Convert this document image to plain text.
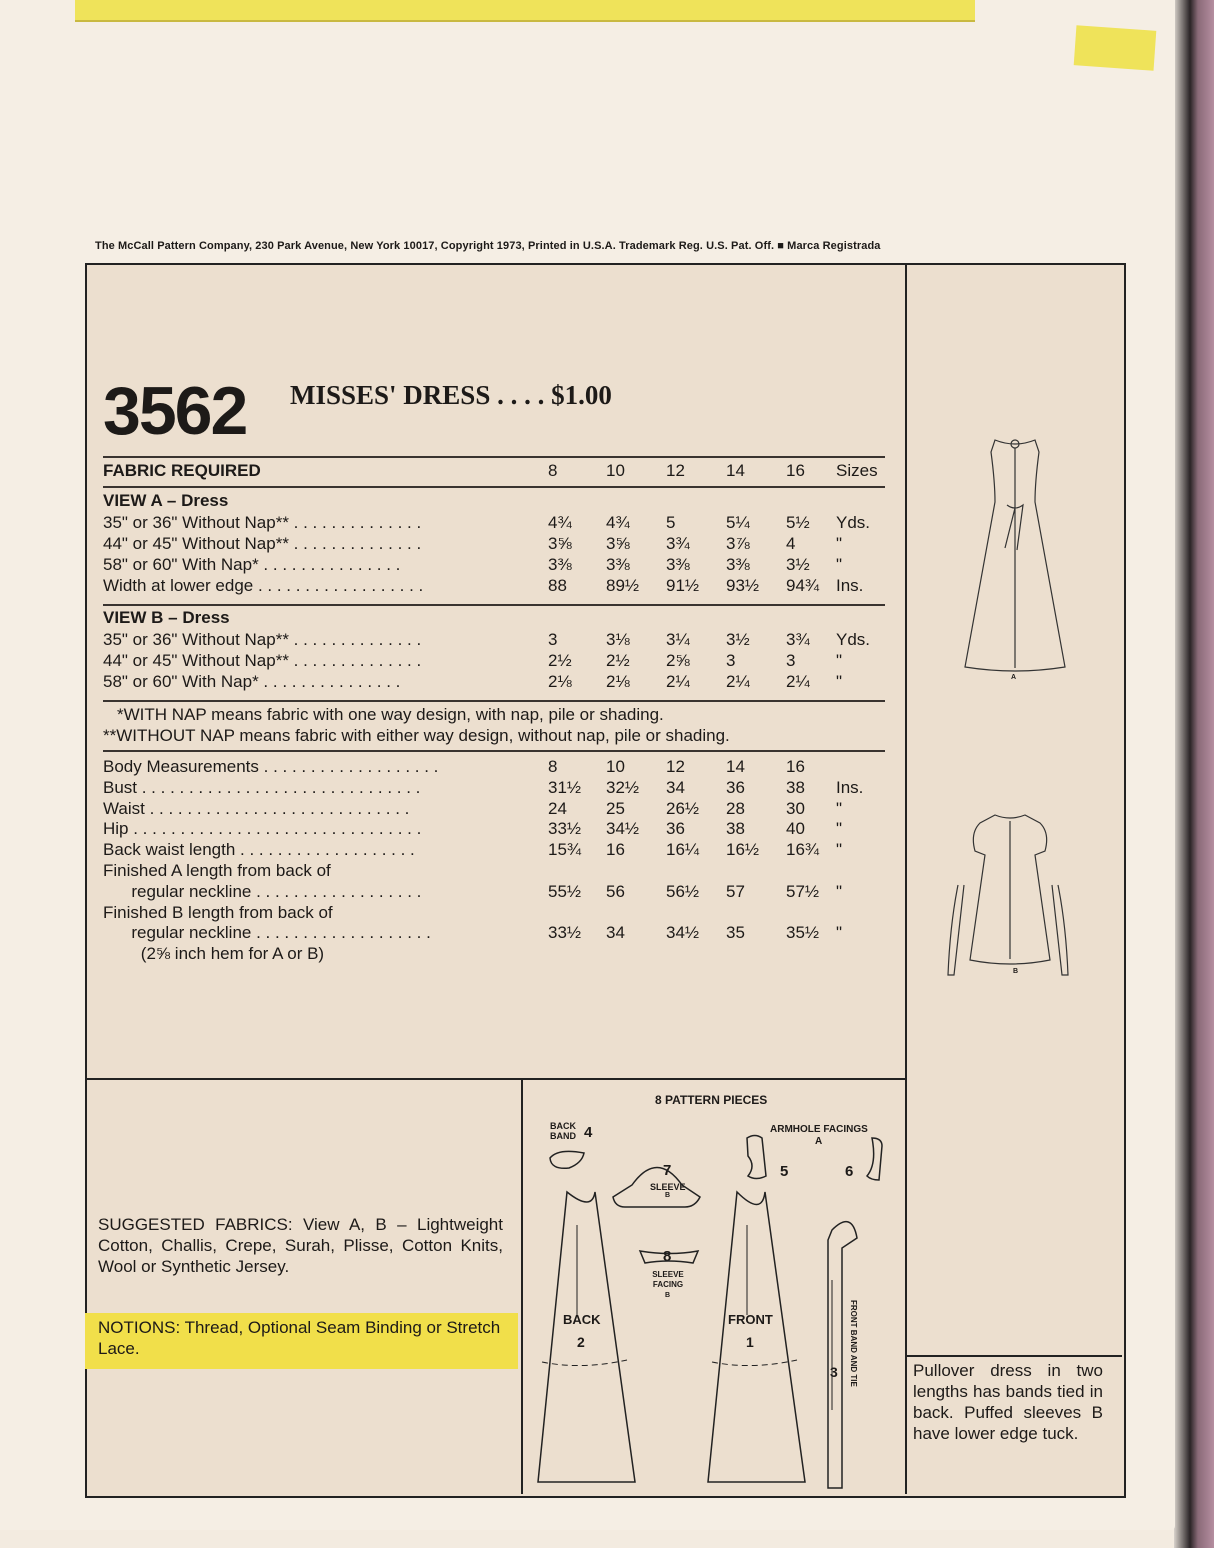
The McCall Pattern Company, 230 Park Avenue, New York 10017, Copyright 1973, Printed in U.S.A. Trademark Reg. U.S. Pat. Off. ■ Marca Registrada
3562 MISSES' DRESS . . . . $1.00
FABRIC REQUIRED	8	10	12	14	16	Sizes
VIEW A – Dress
35" or 36" Without Nap** . . . . . . . . . . . . . .	4¾	4¾	5	5¼	5½	Yds.
44" or 45" Without Nap** . . . . . . . . . . . . . .	3⅝	3⅝	3¾	3⅞	4	"
58" or 60" With Nap* . . . . . . . . . . . . . . .	3⅜	3⅜	3⅜	3⅜	3½	"
Width at lower edge . . . . . . . . . . . . . . . . . .	88	89½	91½	93½	94¾ Ins.
VIEW B – Dress
35" or 36" Without Nap** . . . . . . . . . . . . . .	3	3⅛	3¼	3½	3¾	Yds.
44" or 45" Without Nap** . . . . . . . . . . . . . .	2½	2½	2⅝	3	3	"
58" or 60" With Nap* . . . . . . . . . . . . . . .	2⅛	2⅛	2¼	2¼	2¼	"
*WITH NAP means fabric with one way design, with nap, pile or shading.
**WITHOUT NAP means fabric with either way design, without nap, pile or shading.
Body Measurements . . . . . . . . . . . . . . . . . . .	8	10	12	14	16
Bust . . . . . . . . . . . . . . . . . . . . . . . . . . . . . .	31½	32½	34	36	38	Ins.
Waist . . . . . . . . . . . . . . . . . . . . . . . . . . . .	24	25	26½	28	30	"
Hip . . . . . . . . . . . . . . . . . . . . . . . . . . . . . . .	33½	34½	36	38	40	"
Back waist length . . . . . . . . . . . . . . . . . . .	15¾	16	16¼	16½	16¾ "
Finished A length from back of
regular neckline . . . . . . . . . . . . . . . . . .	55½	56	56½	57	57½ "
Finished B length from back of
regular neckline . . . . . . . . . . . . . . . . . . .	33½	34	34½	35	35½ "
(2⅝ inch hem for A or B)
SUGGESTED FABRICS: View A, B – Lightweight Cotton, Challis, Crepe, Surah, Plisse, Cotton Knits, Wool or Synthetic Jersey.
NOTIONS: Thread, Optional Seam Binding or Stretch Lace.
Pullover dress in two lengths has bands tied in back. Puffed sleeves B have lower edge tuck.
8 PATTERN PIECES
BACK BAND 4	ARMHOLE FACINGS
A
5	6
7
SLEEVE
B
8
SLEEVE FACING
B
BACK
2
FRONT
1
3 FRONT BAND AND TIE
A
B
